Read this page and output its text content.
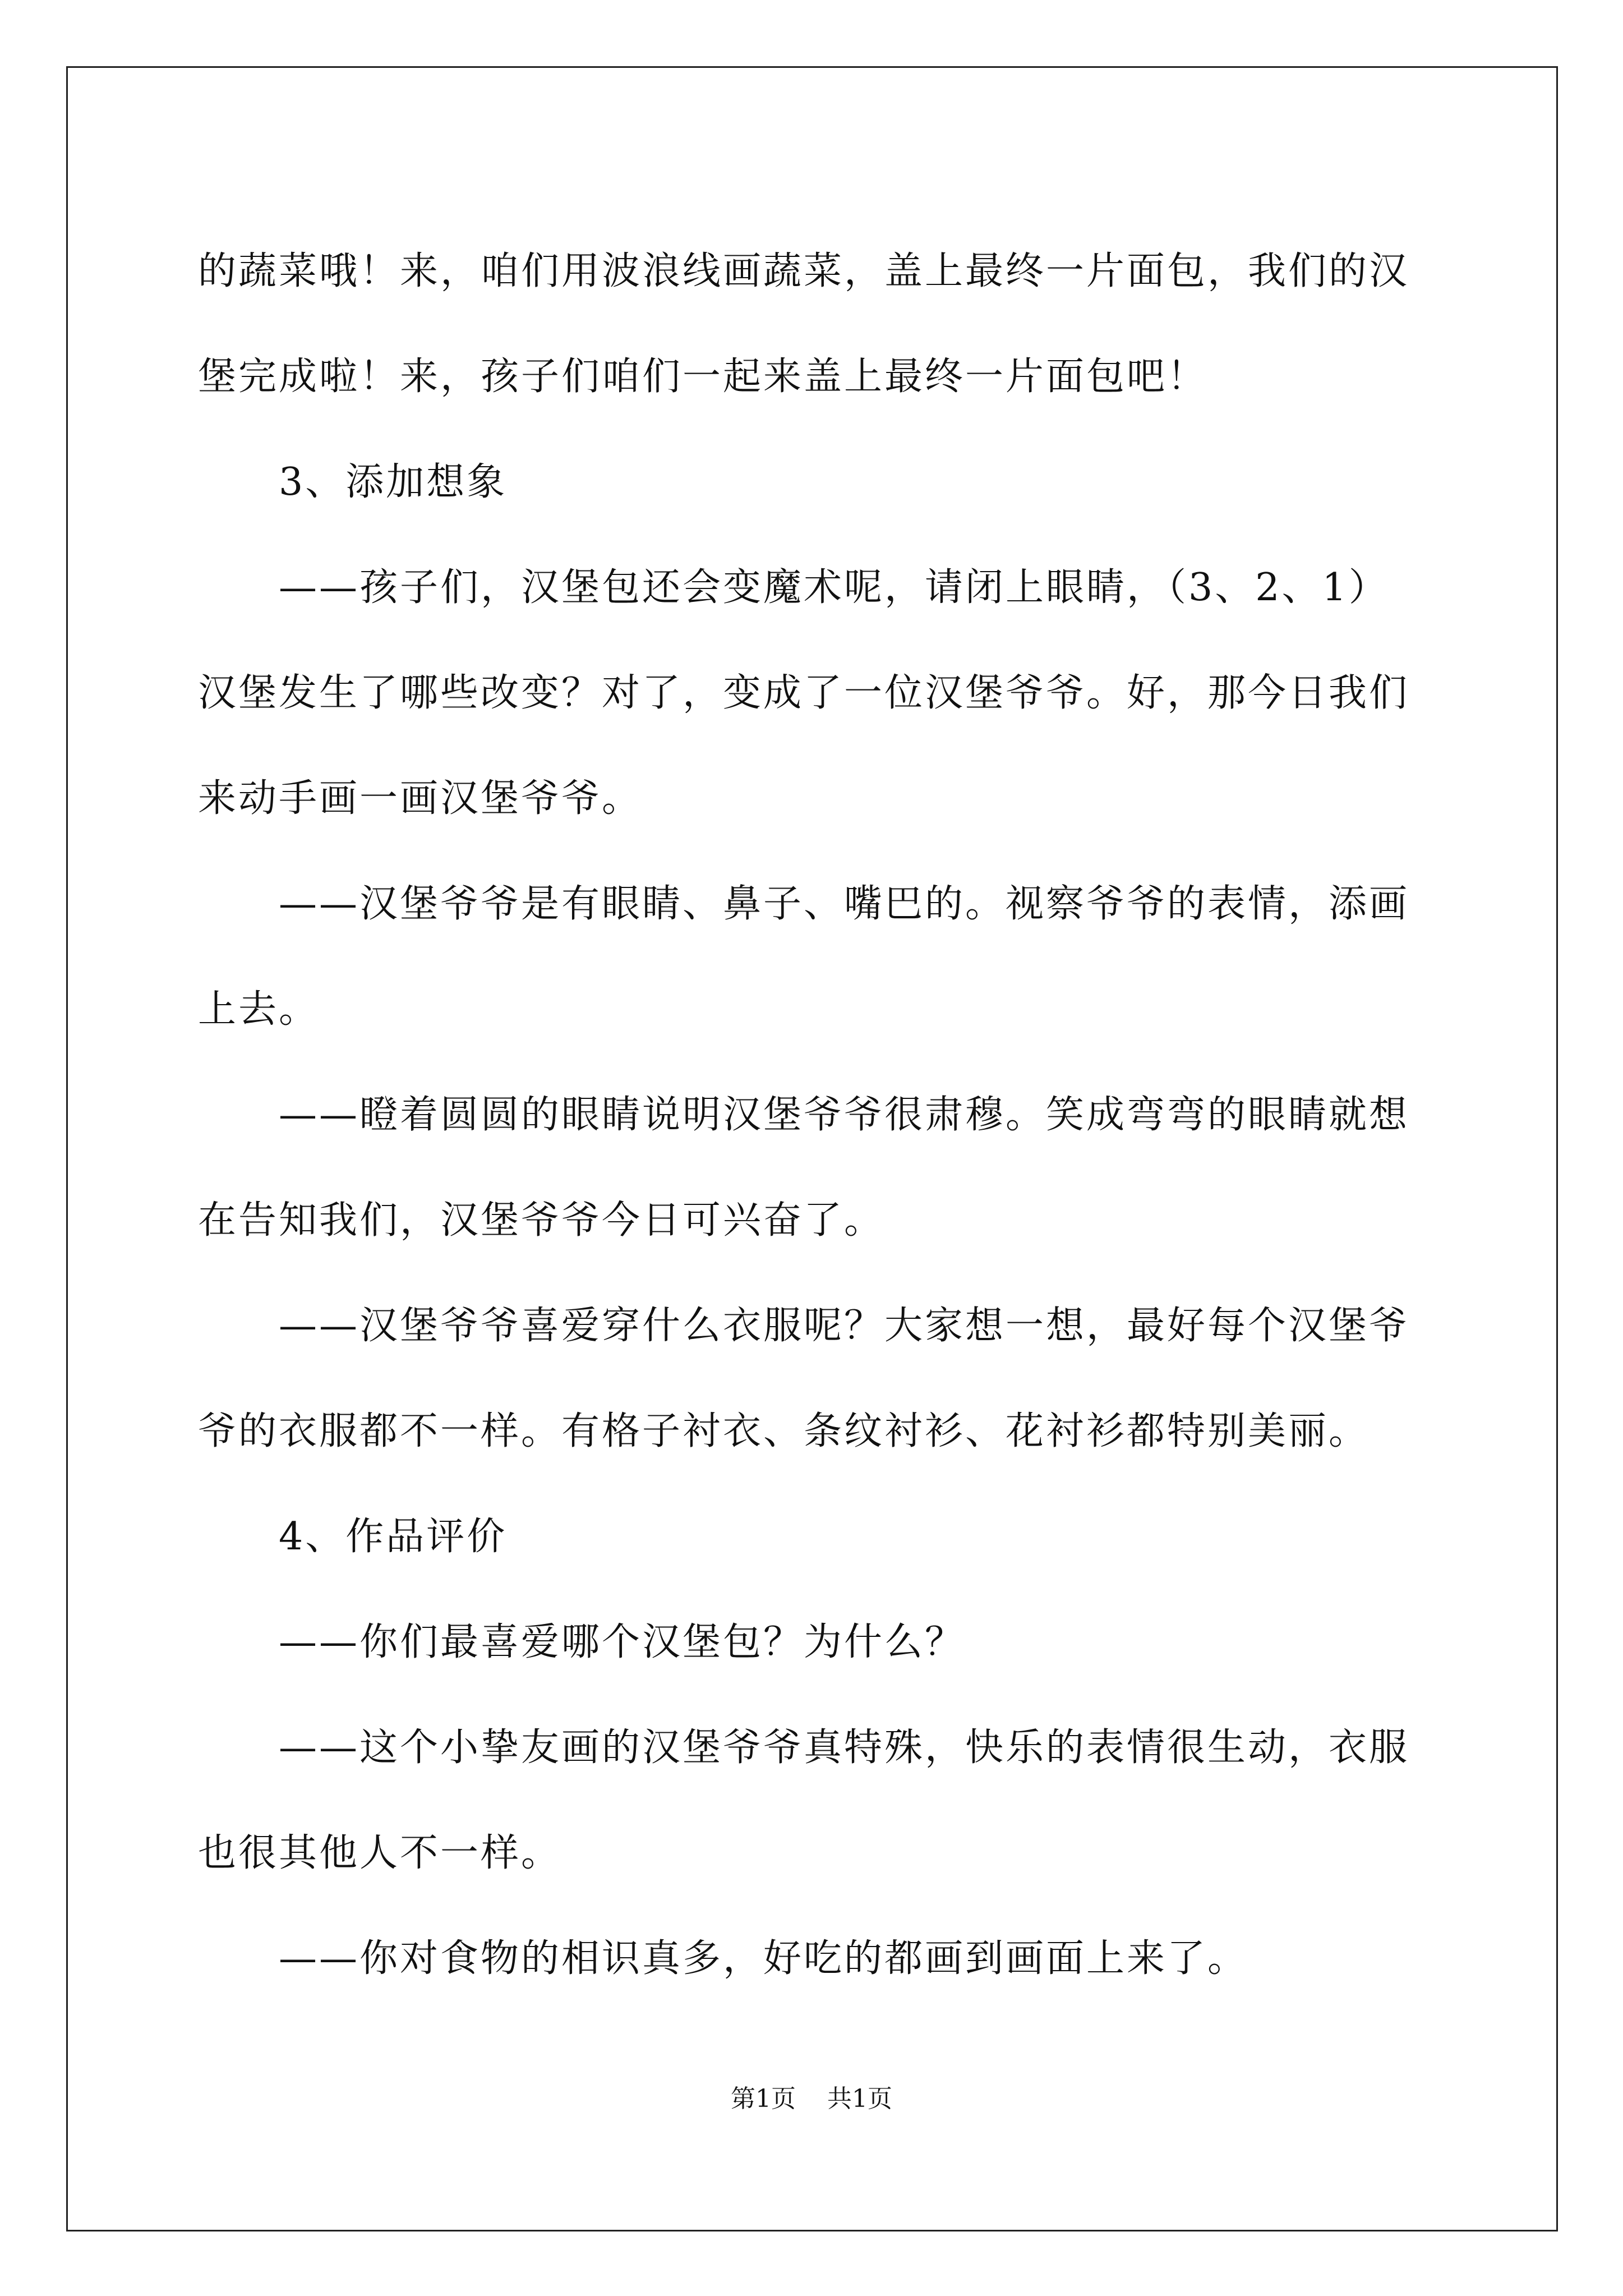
的蔬菜哦！来，咱们用波浪线画蔬菜，盖上最终一片面包，我们的汉堡完成啦！来，孩子们咱们一起来盖上最终一片面包吧！

3、添加想象

——孩子们，汉堡包还会变魔术呢，请闭上眼睛，（3、2、1）汉堡发生了哪些改变？对了，变成了一位汉堡爷爷。好，那今日我们来动手画一画汉堡爷爷。

——汉堡爷爷是有眼睛、鼻子、嘴巴的。视察爷爷的表情，添画上去。

——瞪着圆圆的眼睛说明汉堡爷爷很肃穆。笑成弯弯的眼睛就想在告知我们，汉堡爷爷今日可兴奋了。

——汉堡爷爷喜爱穿什么衣服呢？大家想一想，最好每个汉堡爷爷的衣服都不一样。有格子衬衣、条纹衬衫、花衬衫都特别美丽。

4、作品评价

——你们最喜爱哪个汉堡包？为什么？

——这个小挚友画的汉堡爷爷真特殊，快乐的表情很生动，衣服也很其他人不一样。

——你对食物的相识真多，好吃的都画到画面上来了。

第1页 共1页
